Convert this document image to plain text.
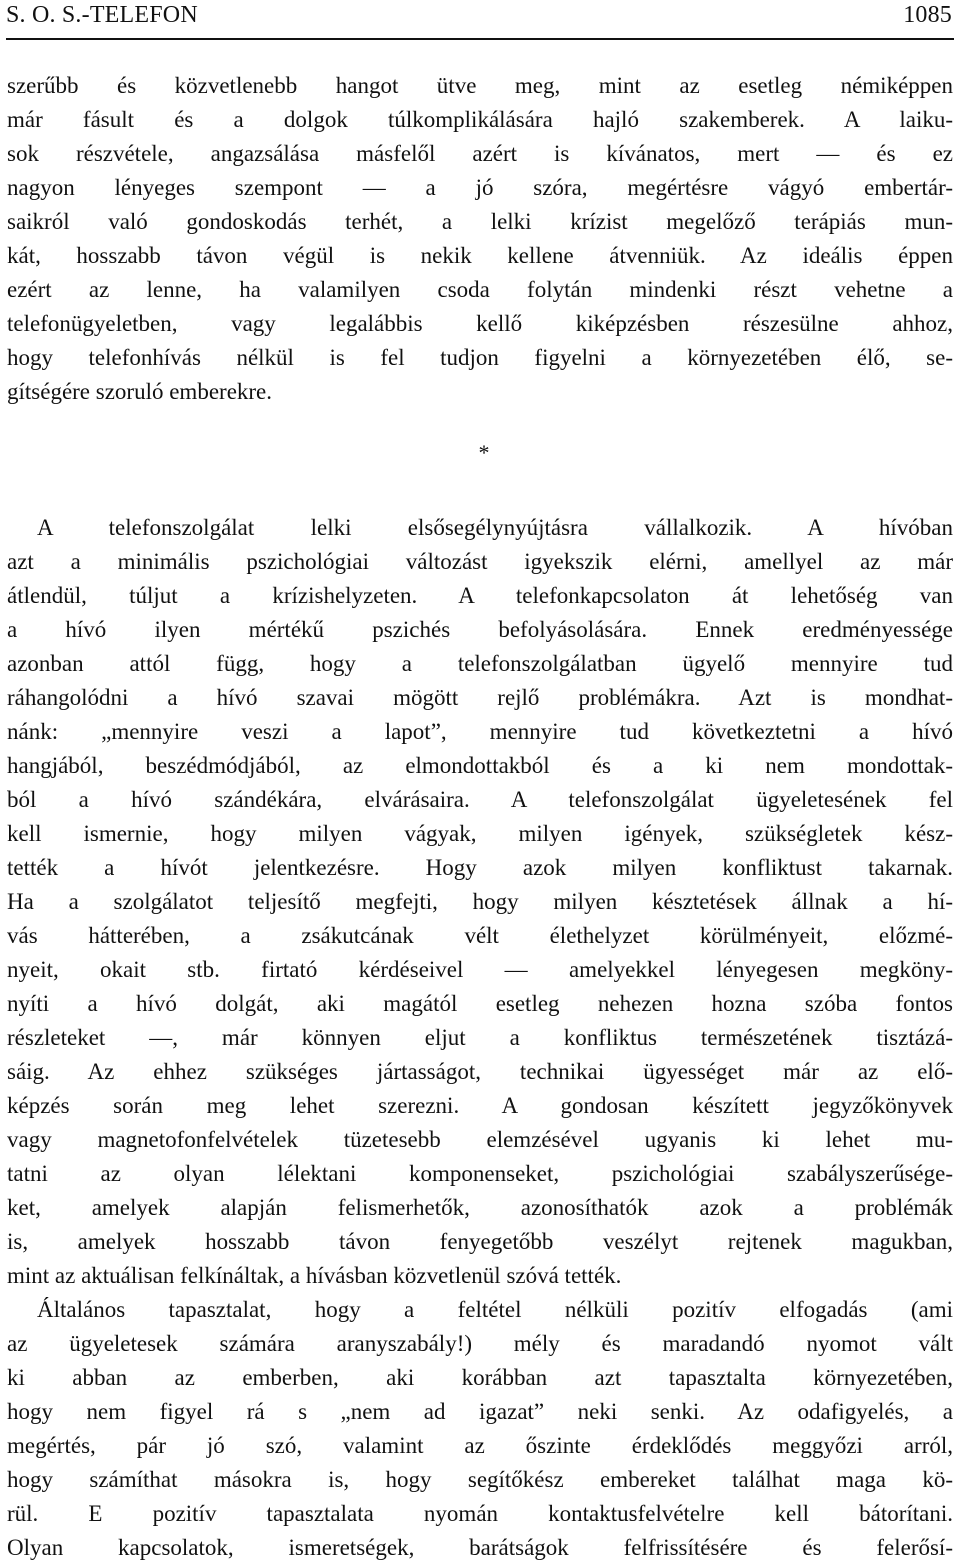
S. O. S.-TELEFON	1085
szerűbb és közvetlenebb hangot ütve meg, mint az esetleg némiképpen
már fásult és a dolgok túlkomplikálására hajló szakemberek. A laiku-
sok részvétele, angazsálása másfelől azért is kívánatos, mert — és ez
nagyon lényeges szempont — a jó szóra, megértésre vágyó embertár-
saikról való gondoskodás terhét, a lelki krízist megelőző terápiás mun-
kát, hosszabb távon végül is nekik kellene átvenniük. Az ideális éppen
ezért az lenne, ha valamilyen csoda folytán mindenki részt vehetne a
telefonügyeletben, vagy legalábbis kellő kiképzésben részesülne ahhoz,
hogy telefonhívás nélkül is fel tudjon figyelni a környezetében élő, se-
gítségére szoruló emberekre.
*
A telefonszolgálat lelki elsősegélynyújtásra vállalkozik. A hívóban
azt a minimális pszichológiai változást igyekszik elérni, amellyel az már
átlendül, túljut a krízishelyzeten. A telefonkapcsolaton át lehetőség van
a hívó ilyen mértékű pszichés befolyásolására. Ennek eredményessége
azonban attól függ, hogy a telefonszolgálatban ügyelő mennyire tud
ráhangolódni a hívó szavai mögött rejlő problémákra. Azt is mondhat-
nánk: „mennyire veszi a lapot”, mennyire tud következtetni a hívó
hangjából, beszédmódjából, az elmondottakból és a ki nem mondottak-
ból a hívó szándékára, elvárásaira. A telefonszolgálat ügyeletesének fel
kell ismernie, hogy milyen vágyak, milyen igények, szükségletek kész-
tették a hívót jelentkezésre. Hogy azok milyen konfliktust takarnak.
Ha a szolgálatot teljesítő megfejti, hogy milyen késztetések állnak a hí-
vás hátterében, a zsákutcának vélt élethelyzet körülményeit, előzmé-
nyeit, okait stb. firtató kérdéseivel — amelyekkel lényegesen megköny-
nyíti a hívó dolgát, aki magától esetleg nehezen hozna szóba fontos
részleteket —, már könnyen eljut a konfliktus természetének tisztázá-
sáig. Az ehhez szükséges jártasságot, technikai ügyességet már az elő-
képzés során meg lehet szerezni. A gondosan készített jegyzőkönyvek
vagy magnetofonfelvételek tüzetesebb elemzésével ugyanis ki lehet mu-
tatni az olyan lélektani komponenseket, pszichológiai szabályszerűsége-
ket, amelyek alapján felismerhetők, azonosíthatók azok a problémák
is, amelyek hosszabb távon fenyegetőbb veszélyt rejtenek magukban,
mint az aktuálisan felkínáltak, a hívásban közvetlenül szóvá tették.
Általános tapasztalat, hogy a feltétel nélküli pozitív elfogadás (ami
az ügyeletesek számára aranyszabály!) mély és maradandó nyomot vált
ki abban az emberben, aki korábban azt tapasztalta környezetében,
hogy nem figyel rá s „nem ad igazat” neki senki. Az odafigyelés, a
megértés, pár jó szó, valamint az őszinte érdeklődés meggyőzi arról,
hogy számíthat másokra is, hogy segítőkész embereket találhat maga kö-
rül. E pozitív tapasztalata nyomán kontaktusfelvételre kell bátorítani.
Olyan kapcsolatok, ismeretségek, barátságok felfrissítésére és felerősí-
